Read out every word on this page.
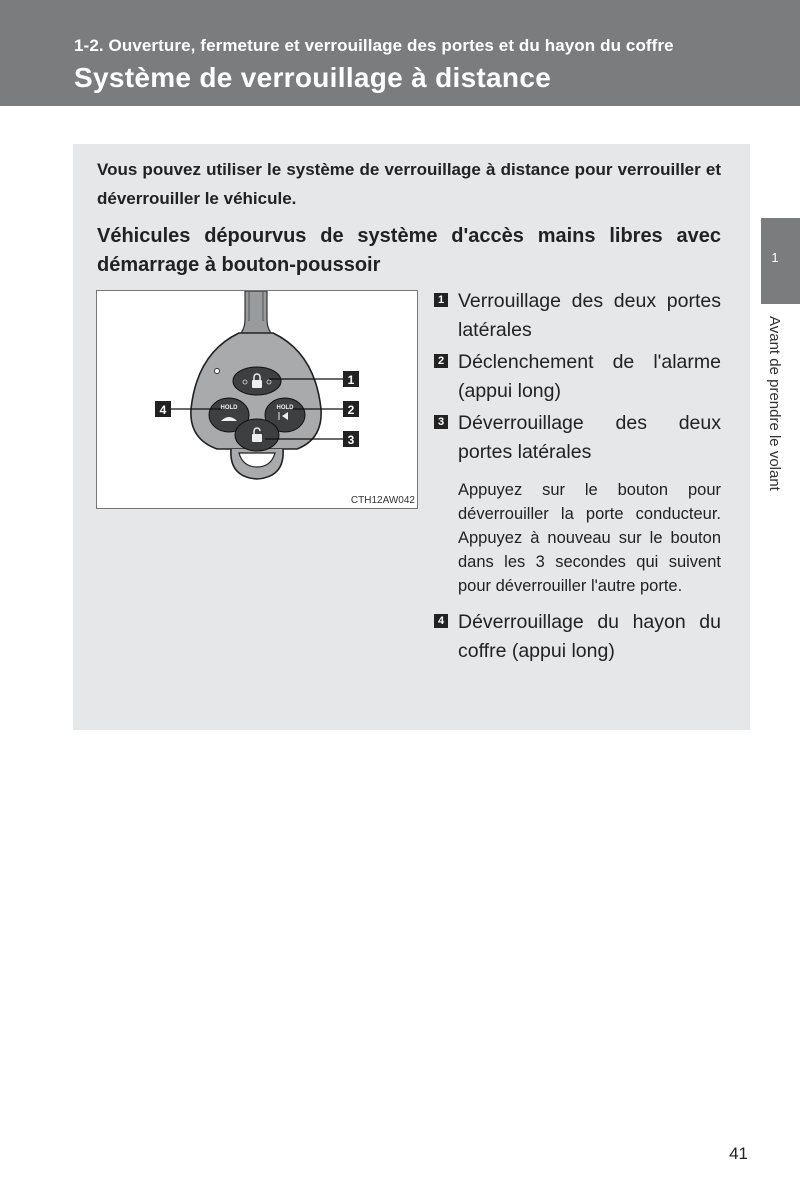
1-2. Ouverture, fermeture et verrouillage des portes et du hayon du coffre
Système de verrouillage à distance
1
Avant de prendre le volant
Vous pouvez utiliser le système de verrouillage à distance pour verrouiller et déverrouiller le véhicule.
Véhicules dépourvus de système d'accès mains libres avec démarrage à bouton-poussoir
HOLD	HOLD
1
2
3
4
CTH12AW042
1 Verrouillage des deux portes latérales
2 Déclenchement de l'alarme (appui long)
3 Déverrouillage des deux portes latérales
Appuyez sur le bouton pour déverrouiller la porte conducteur. Appuyez à nouveau sur le bouton dans les 3 secondes qui suivent pour déverrouiller l'autre porte.
4 Déverrouillage du hayon du coffre (appui long)
41
